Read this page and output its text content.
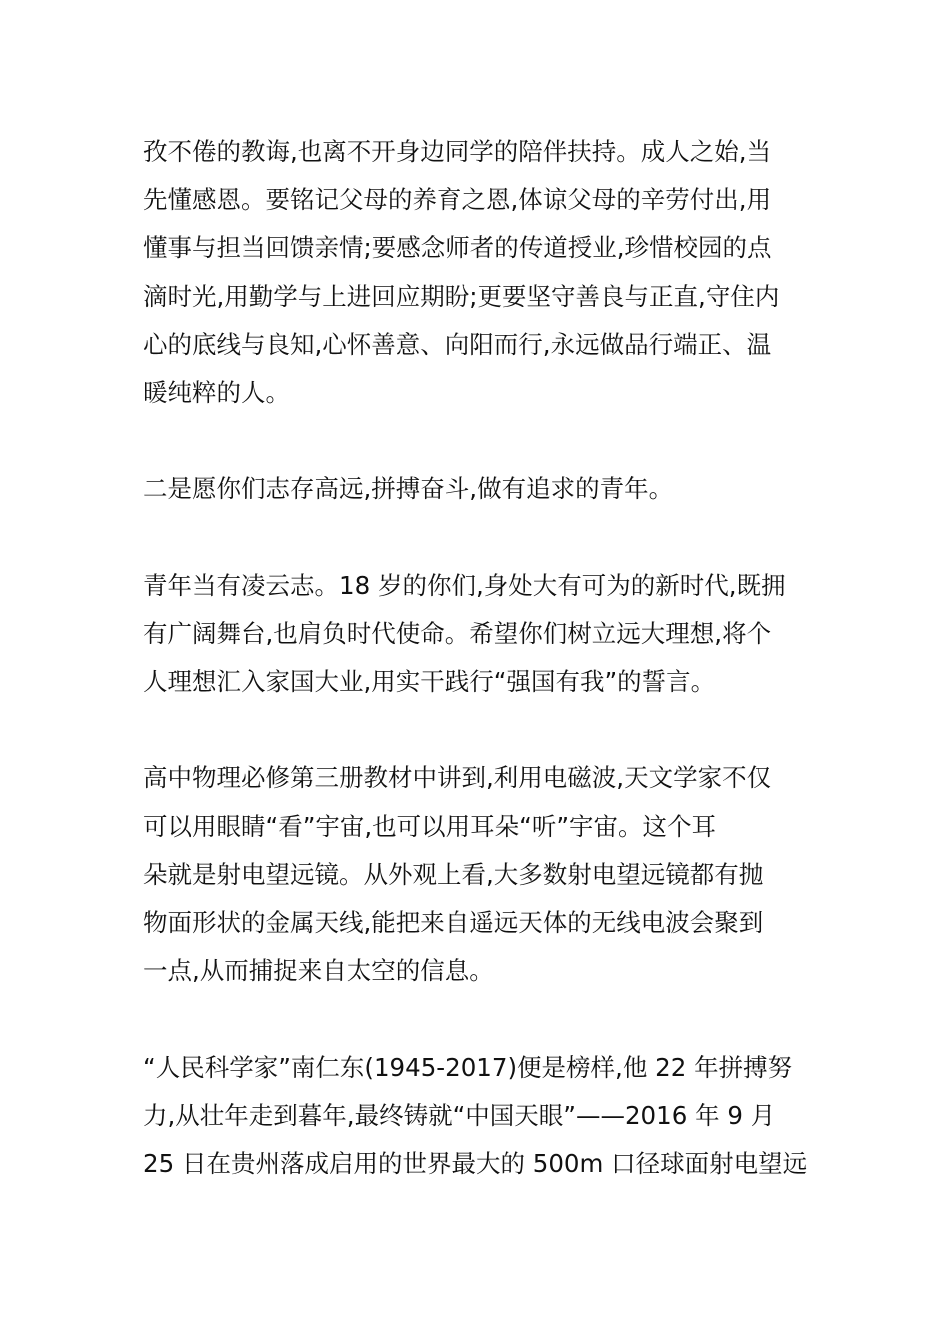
孜不倦的教诲,也离不开身边同学的陪伴扶持。成人之始,当
先懂感恩。要铭记父母的养育之恩,体谅父母的辛劳付出,用
懂事与担当回馈亲情;要感念师者的传道授业,珍惜校园的点
滴时光,用勤学与上进回应期盼;更要坚守善良与正直,守住内
心的底线与良知,心怀善意、向阳而行,永远做品行端正、温
暖纯粹的人。

二是愿你们志存高远,拼搏奋斗,做有追求的青年。

青年当有凌云志。18 岁的你们,身处大有可为的新时代,既拥
有广阔舞台,也肩负时代使命。希望你们树立远大理想,将个
人理想汇入家国大业,用实干践行“强国有我”的誓言。

高中物理必修第三册教材中讲到,利用电磁波,天文学家不仅
可以用眼睛“看”宇宙,也可以用耳朵“听”宇宙。这个耳
朵就是射电望远镜。从外观上看,大多数射电望远镜都有抛
物面形状的金属天线,能把来自遥远天体的无线电波会聚到
一点,从而捕捉来自太空的信息。

“人民科学家”南仁东(1945-2017)便是榜样,他 22 年拼搏努
力,从壮年走到暮年,最终铸就“中国天眼”——2016 年 9 月
25 日在贵州落成启用的世界最大的 500m 口径球面射电望远
